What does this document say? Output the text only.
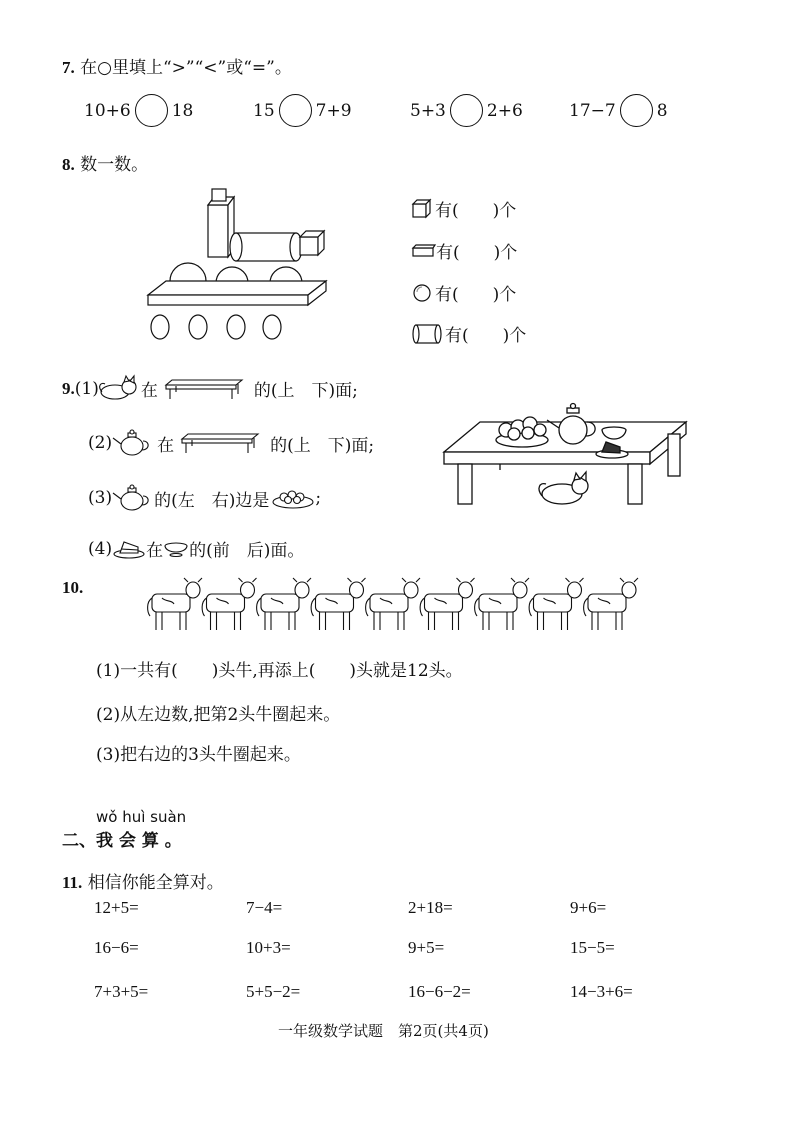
7. 在○里填上“>”“<”或“=”。
10+6 18	15 7+9	5+3 2+6	17−7 8
8. 数一数。
有(　　)个
有(　　)个
有(　　)个
有(　　)个
9. (1) 在	的(上　下)面;
(2)	在	的(上　下)面;
(3) 的(左　右)边是	;
(4) 在 的(前　后)面。
10.
(1)一共有(　　)头牛,再添上(　　)头就是12头。
(2)从左边数,把第2头牛圈起来。
(3)把右边的3头牛圈起来。
wǒ huì suàn
二、我 会 算 。
11. 相信你能全算对。
12+5=	7−4=	2+18=	9+6=
16−6=	10+3=	9+5=	15−5=
7+3+5=	5+5−2=	16−6−2=	14−3+6=
一年级数学试题　第2页(共4页)
